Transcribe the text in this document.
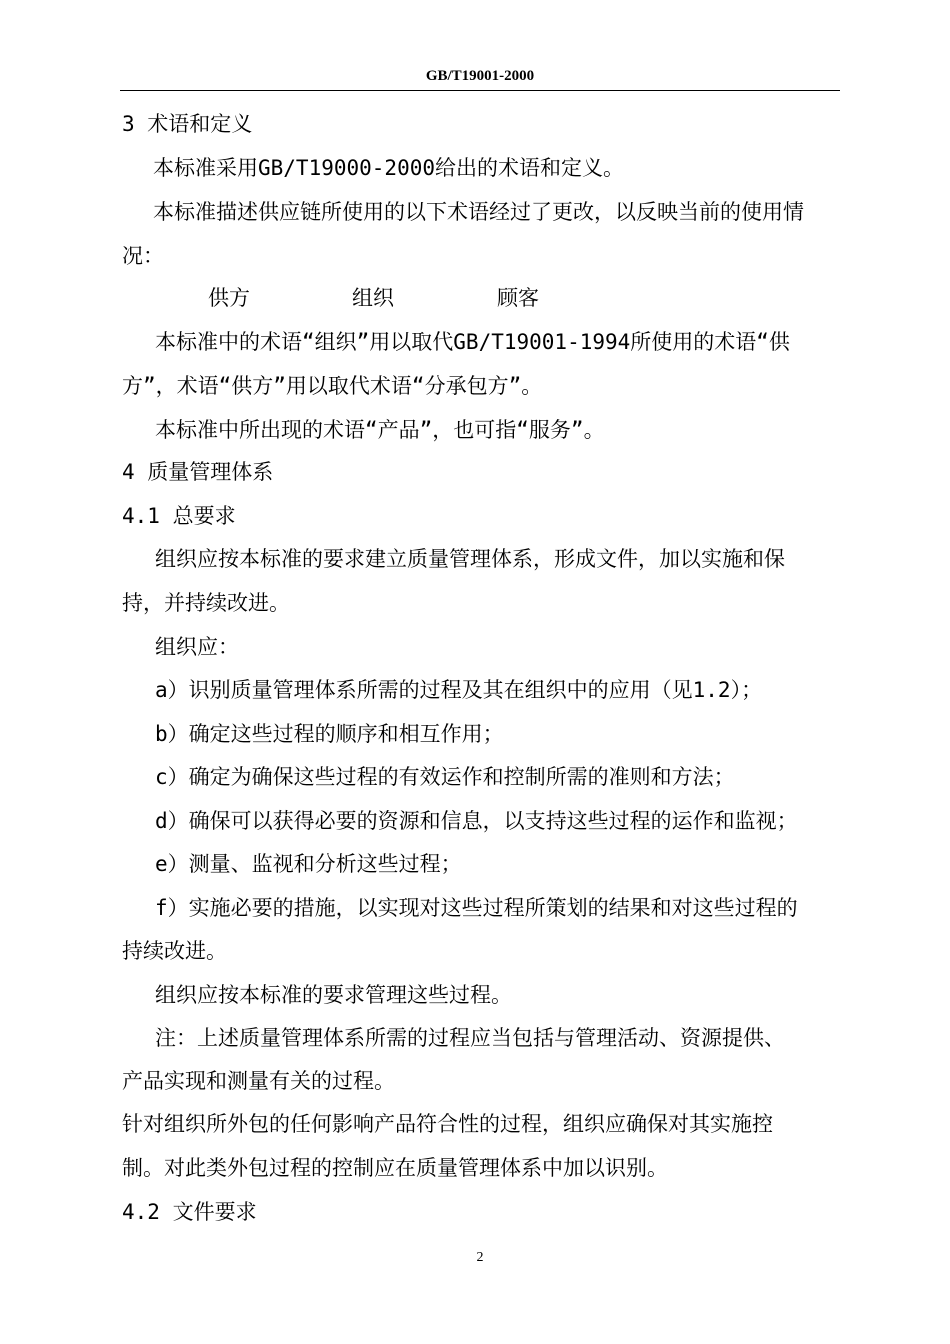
GB/T19001-2000

3 术语和定义

本标准采用GB/T19000-2000给出的术语和定义。

本标准描述供应链所使用的以下术语经过了更改，以反映当前的使用情

况：

供方	组织	顾客

本标准中的术语“组织”用以取代GB/T19001-1994所使用的术语“供

方”，术语“供方”用以取代术语“分承包方”。

本标准中所出现的术语“产品”，也可指“服务”。

4 质量管理体系

4.1 总要求

组织应按本标准的要求建立质量管理体系，形成文件，加以实施和保

持，并持续改进。

组织应：

a）识别质量管理体系所需的过程及其在组织中的应用（见1.2）；

b）确定这些过程的顺序和相互作用；

c）确定为确保这些过程的有效运作和控制所需的准则和方法；

d）确保可以获得必要的资源和信息，以支持这些过程的运作和监视；

e）测量、监视和分析这些过程；

f）实施必要的措施，以实现对这些过程所策划的结果和对这些过程的

持续改进。

组织应按本标准的要求管理这些过程。

注：上述质量管理体系所需的过程应当包括与管理活动、资源提供、

产品实现和测量有关的过程。

针对组织所外包的任何影响产品符合性的过程，组织应确保对其实施控

制。对此类外包过程的控制应在质量管理体系中加以识别。

4.2 文件要求

2
